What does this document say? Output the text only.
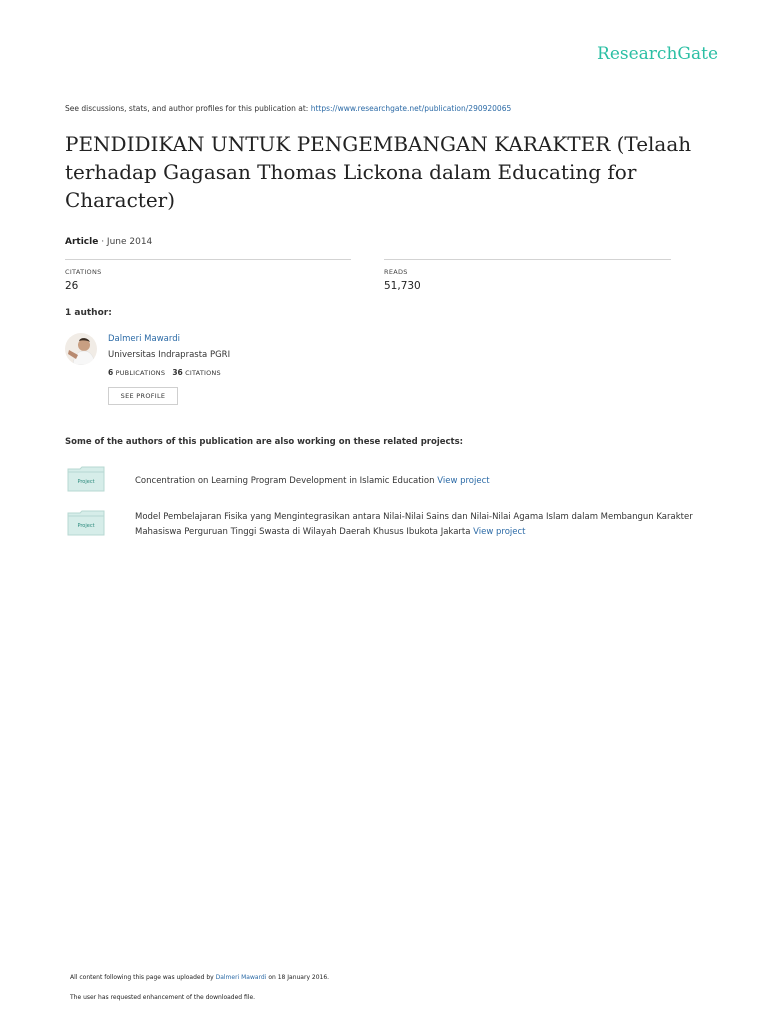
ResearchGate
See discussions, stats, and author profiles for this publication at: https://www.researchgate.net/publication/290920065
PENDIDIKAN UNTUK PENGEMBANGAN KARAKTER (Telaah terhadap Gagasan Thomas Lickona dalam Educating for Character)
Article · June 2014
CITATIONS
26
READS
51,730
1 author:
Dalmeri Mawardi
Universitas Indraprasta PGRI
6 PUBLICATIONS 36 CITATIONS
SEE PROFILE
Some of the authors of this publication are also working on these related projects:
Project	Concentration on Learning Program Development in Islamic Education View project
Project
Model Pembelajaran Fisika yang Mengintegrasikan antara Nilai-Nilai Sains dan Nilai-Nilai Agama Islam dalam Membangun Karakter Mahasiswa Perguruan Tinggi Swasta di Wilayah Daerah Khusus Ibukota Jakarta View project
All content following this page was uploaded by Dalmeri Mawardi on 18 January 2016.
The user has requested enhancement of the downloaded file.
